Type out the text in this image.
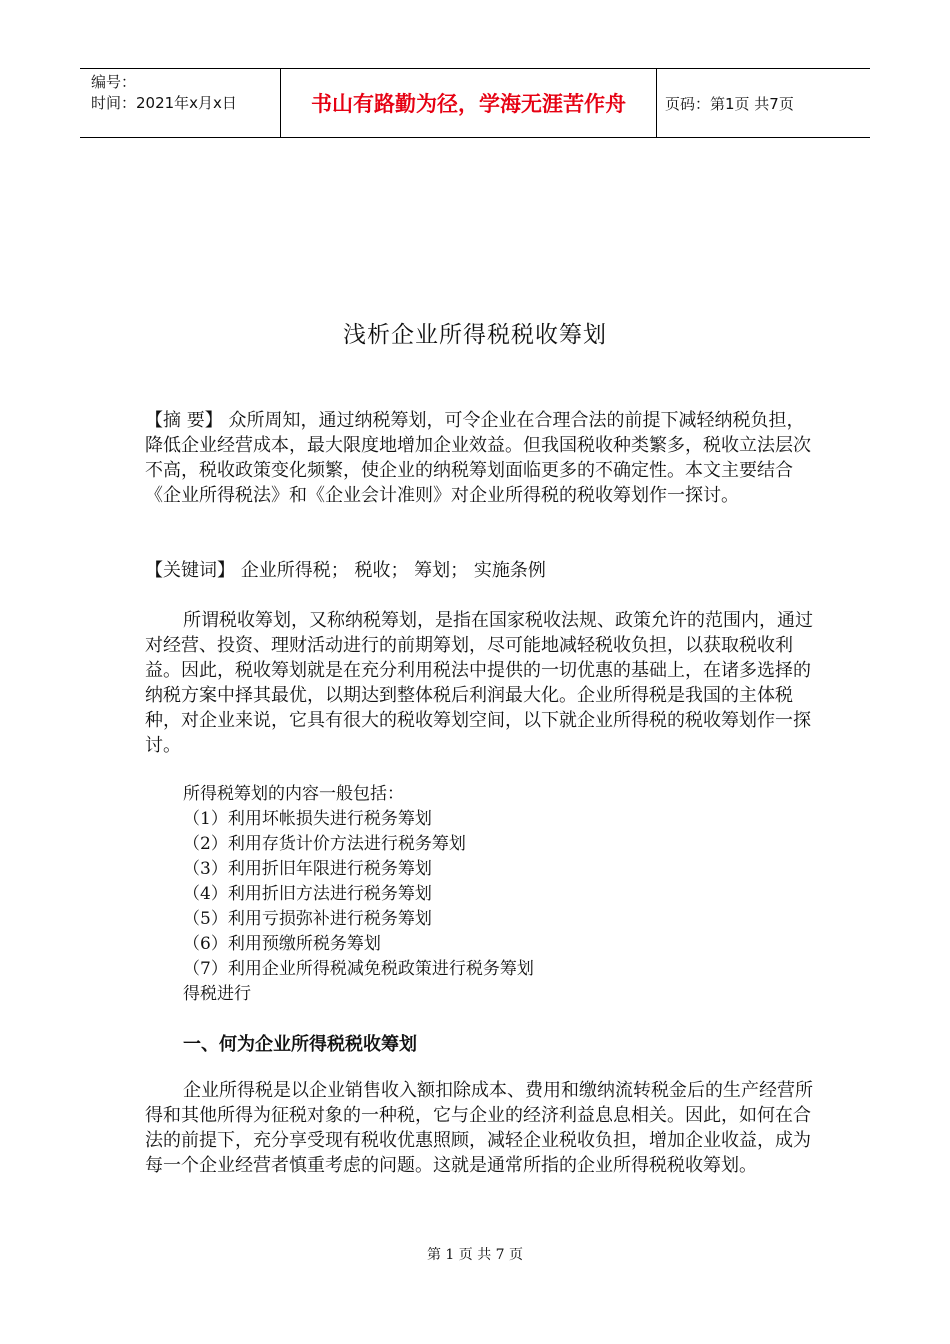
编号：
时间：2021年x月x日	书山有路勤为径，学海无涯苦作舟	页码：第1页 共7页
浅析企业所得税税收筹划

【摘 要】 众所周知，通过纳税筹划，可令企业在合理合法的前提下减轻纳税负担，降低企业经营成本，最大限度地增加企业效益。但我国税收种类繁多，税收立法层次不高，税收政策变化频繁，使企业的纳税筹划面临更多的不确定性。本文主要结合《企业所得税法》和《企业会计准则》对企业所得税的税收筹划作一探讨。

【关键词】 企业所得税； 税收； 筹划； 实施条例

所谓税收筹划，又称纳税筹划，是指在国家税收法规、政策允许的范围内，通过对经营、投资、理财活动进行的前期筹划，尽可能地减轻税收负担，以获取税收利益。因此，税收筹划就是在充分利用税法中提供的一切优惠的基础上，在诸多选择的纳税方案中择其最优，以期达到整体税后利润最大化。企业所得税是我国的主体税种，对企业来说，它具有很大的税收筹划空间，以下就企业所得税的税收筹划作一探讨。

所得税筹划的内容一般包括：
（1）利用坏帐损失进行税务筹划
（2）利用存货计价方法进行税务筹划
（3）利用折旧年限进行税务筹划
（4）利用折旧方法进行税务筹划
（5）利用亏损弥补进行税务筹划
（6）利用预缴所税务筹划
（7）利用企业所得税减免税政策进行税务筹划
得税进行
一、何为企业所得税税收筹划

企业所得税是以企业销售收入额扣除成本、费用和缴纳流转税金后的生产经营所得和其他所得为征税对象的一种税，它与企业的经济利益息息相关。因此，如何在合法的前提下，充分享受现有税收优惠照顾，减轻企业税收负担，增加企业收益，成为每一个企业经营者慎重考虑的问题。这就是通常所指的企业所得税税收筹划。

第 1 页 共 7 页
